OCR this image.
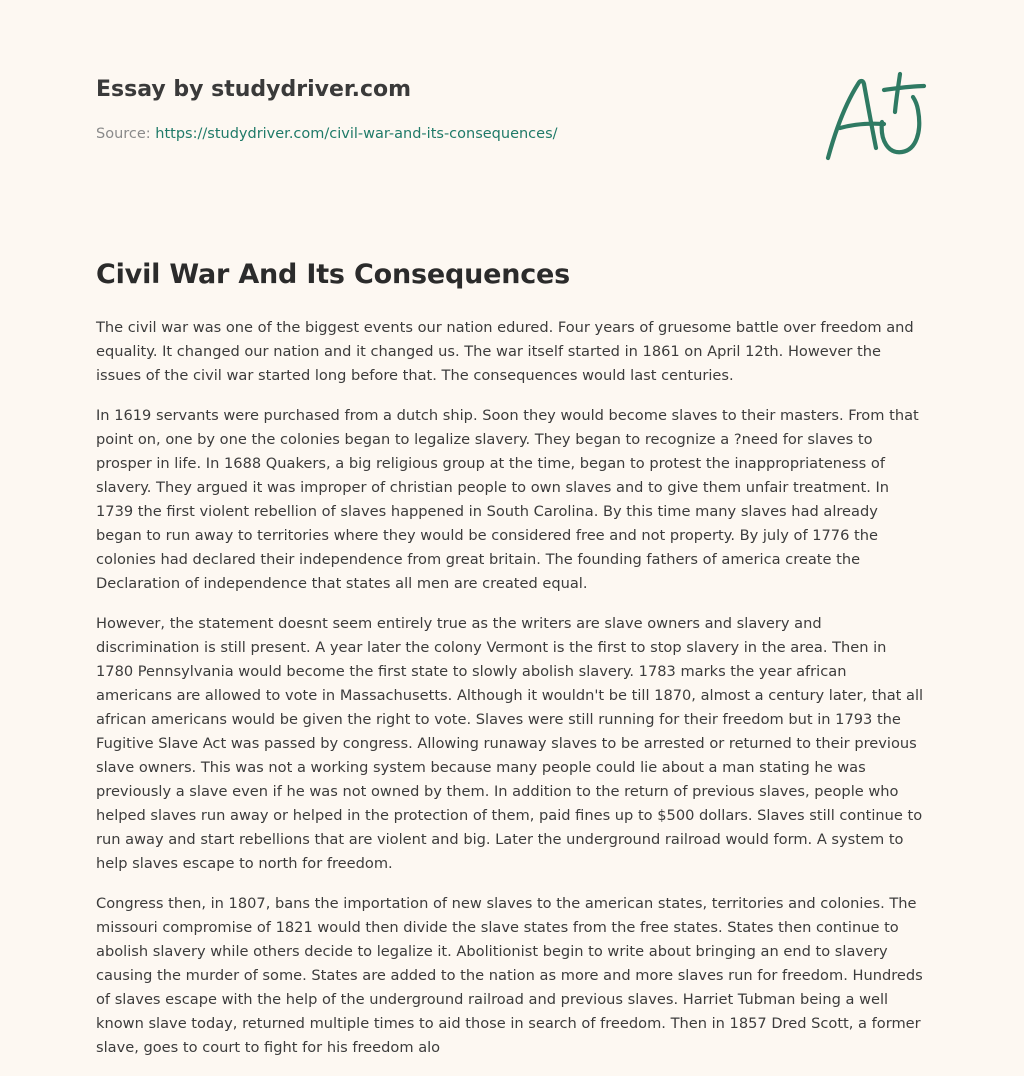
Essay by studydriver.com
Source: https://studydriver.com/civil-war-and-its-consequences/
Civil War And Its Consequences

The civil war was one of the biggest events our nation edured. Four years of gruesome battle over freedom and equality. It changed our nation and it changed us. The war itself started in 1861 on April 12th. However the issues of the civil war started long before that. The consequences would last centuries.

In 1619 servants were purchased from a dutch ship. Soon they would become slaves to their masters. From that point on, one by one the colonies began to legalize slavery. They began to recognize a ?need for slaves to prosper in life. In 1688 Quakers, a big religious group at the time, began to protest the inappropriateness of slavery. They argued it was improper of christian people to own slaves and to give them unfair treatment. In 1739 the first violent rebellion of slaves happened in South Carolina. By this time many slaves had already began to run away to territories where they would be considered free and not property. By july of 1776 the colonies had declared their independence from great britain. The founding fathers of america create the Declaration of independence that states all men are created equal.

However, the statement doesnt seem entirely true as the writers are slave owners and slavery and discrimination is still present. A year later the colony Vermont is the first to stop slavery in the area. Then in 1780 Pennsylvania would become the first state to slowly abolish slavery. 1783 marks the year african americans are allowed to vote in Massachusetts. Although it wouldn't be till 1870, almost a century later, that all african americans would be given the right to vote. Slaves were still running for their freedom but in 1793 the Fugitive Slave Act was passed by congress. Allowing runaway slaves to be arrested or returned to their previous slave owners. This was not a working system because many people could lie about a man stating he was previously a slave even if he was not owned by them. In addition to the return of previous slaves, people who helped slaves run away or helped in the protection of them, paid fines up to $500 dollars. Slaves still continue to run away and start rebellions that are violent and big. Later the underground railroad would form. A system to help slaves escape to north for freedom.

Congress then, in 1807, bans the importation of new slaves to the american states, territories and colonies. The missouri compromise of 1821 would then divide the slave states from the free states. States then continue to abolish slavery while others decide to legalize it. Abolitionist begin to write about bringing an end to slavery causing the murder of some. States are added to the nation as more and more slaves run for freedom. Hundreds of slaves escape with the help of the underground railroad and previous slaves. Harriet Tubman being a well known slave today, returned multiple times to aid those in search of freedom. Then in 1857 Dred Scott, a former slave, goes to court to fight for his freedom alo
